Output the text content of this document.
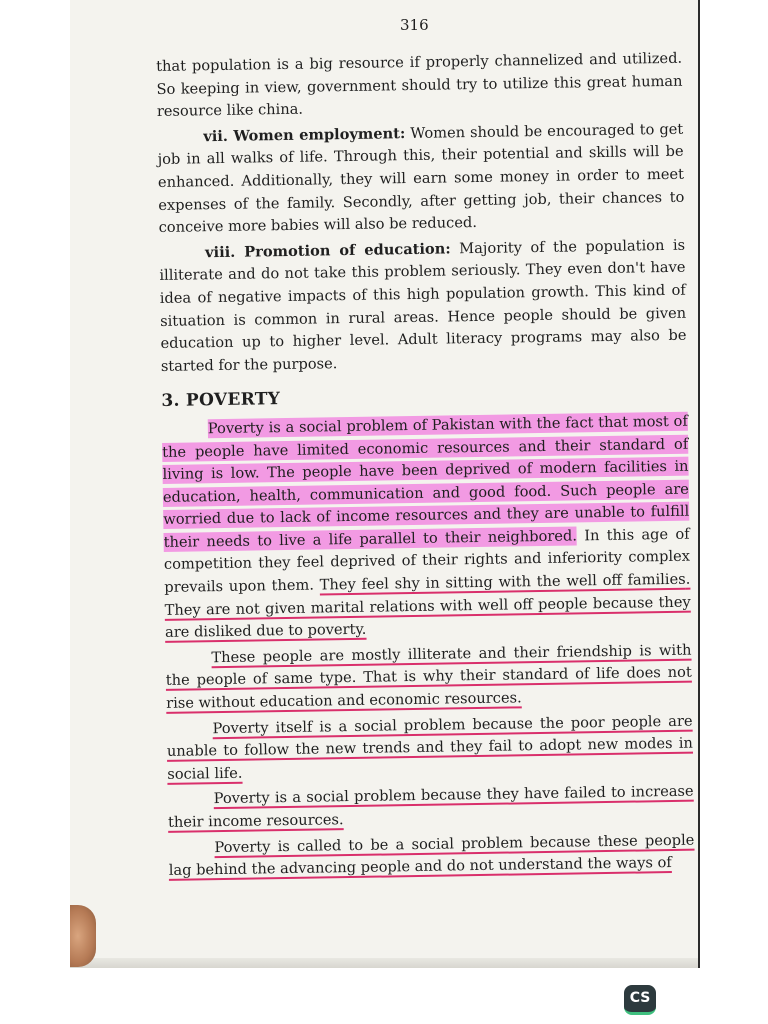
316

that population is a big resource if properly channelized and utilized. So keeping in view, government should try to utilize this great human resource like china.

vii. Women employment: Women should be encouraged to get job in all walks of life. Through this, their potential and skills will be enhanced. Additionally, they will earn some money in order to meet expenses of the family. Secondly, after getting job, their chances to conceive more babies will also be reduced.

viii. Promotion of education: Majority of the population is illiterate and do not take this problem seriously. They even don't have idea of negative impacts of this high population growth. This kind of situation is common in rural areas. Hence people should be given education up to higher level. Adult literacy programs may also be started for the purpose.

3. POVERTY

Poverty is a social problem of Pakistan with the fact that most of the people have limited economic resources and their standard of living is low. The people have been deprived of modern facilities in education, health, communication and good food. Such people are worried due to lack of income resources and they are unable to fulfill their needs to live a life parallel to their neighbored. In this age of competition they feel deprived of their rights and inferiority complex prevails upon them. They feel shy in sitting with the well off families. They are not given marital relations with well off people because they are disliked due to poverty.

These people are mostly illiterate and their friendship is with the people of same type. That is why their standard of life does not rise without education and economic resources.

Poverty itself is a social problem because the poor people are unable to follow the new trends and they fail to adopt new modes in social life.

Poverty is a social problem because they have failed to increase their income resources.

Poverty is called to be a social problem because these people lag behind the advancing people and do not understand the ways of

CS
